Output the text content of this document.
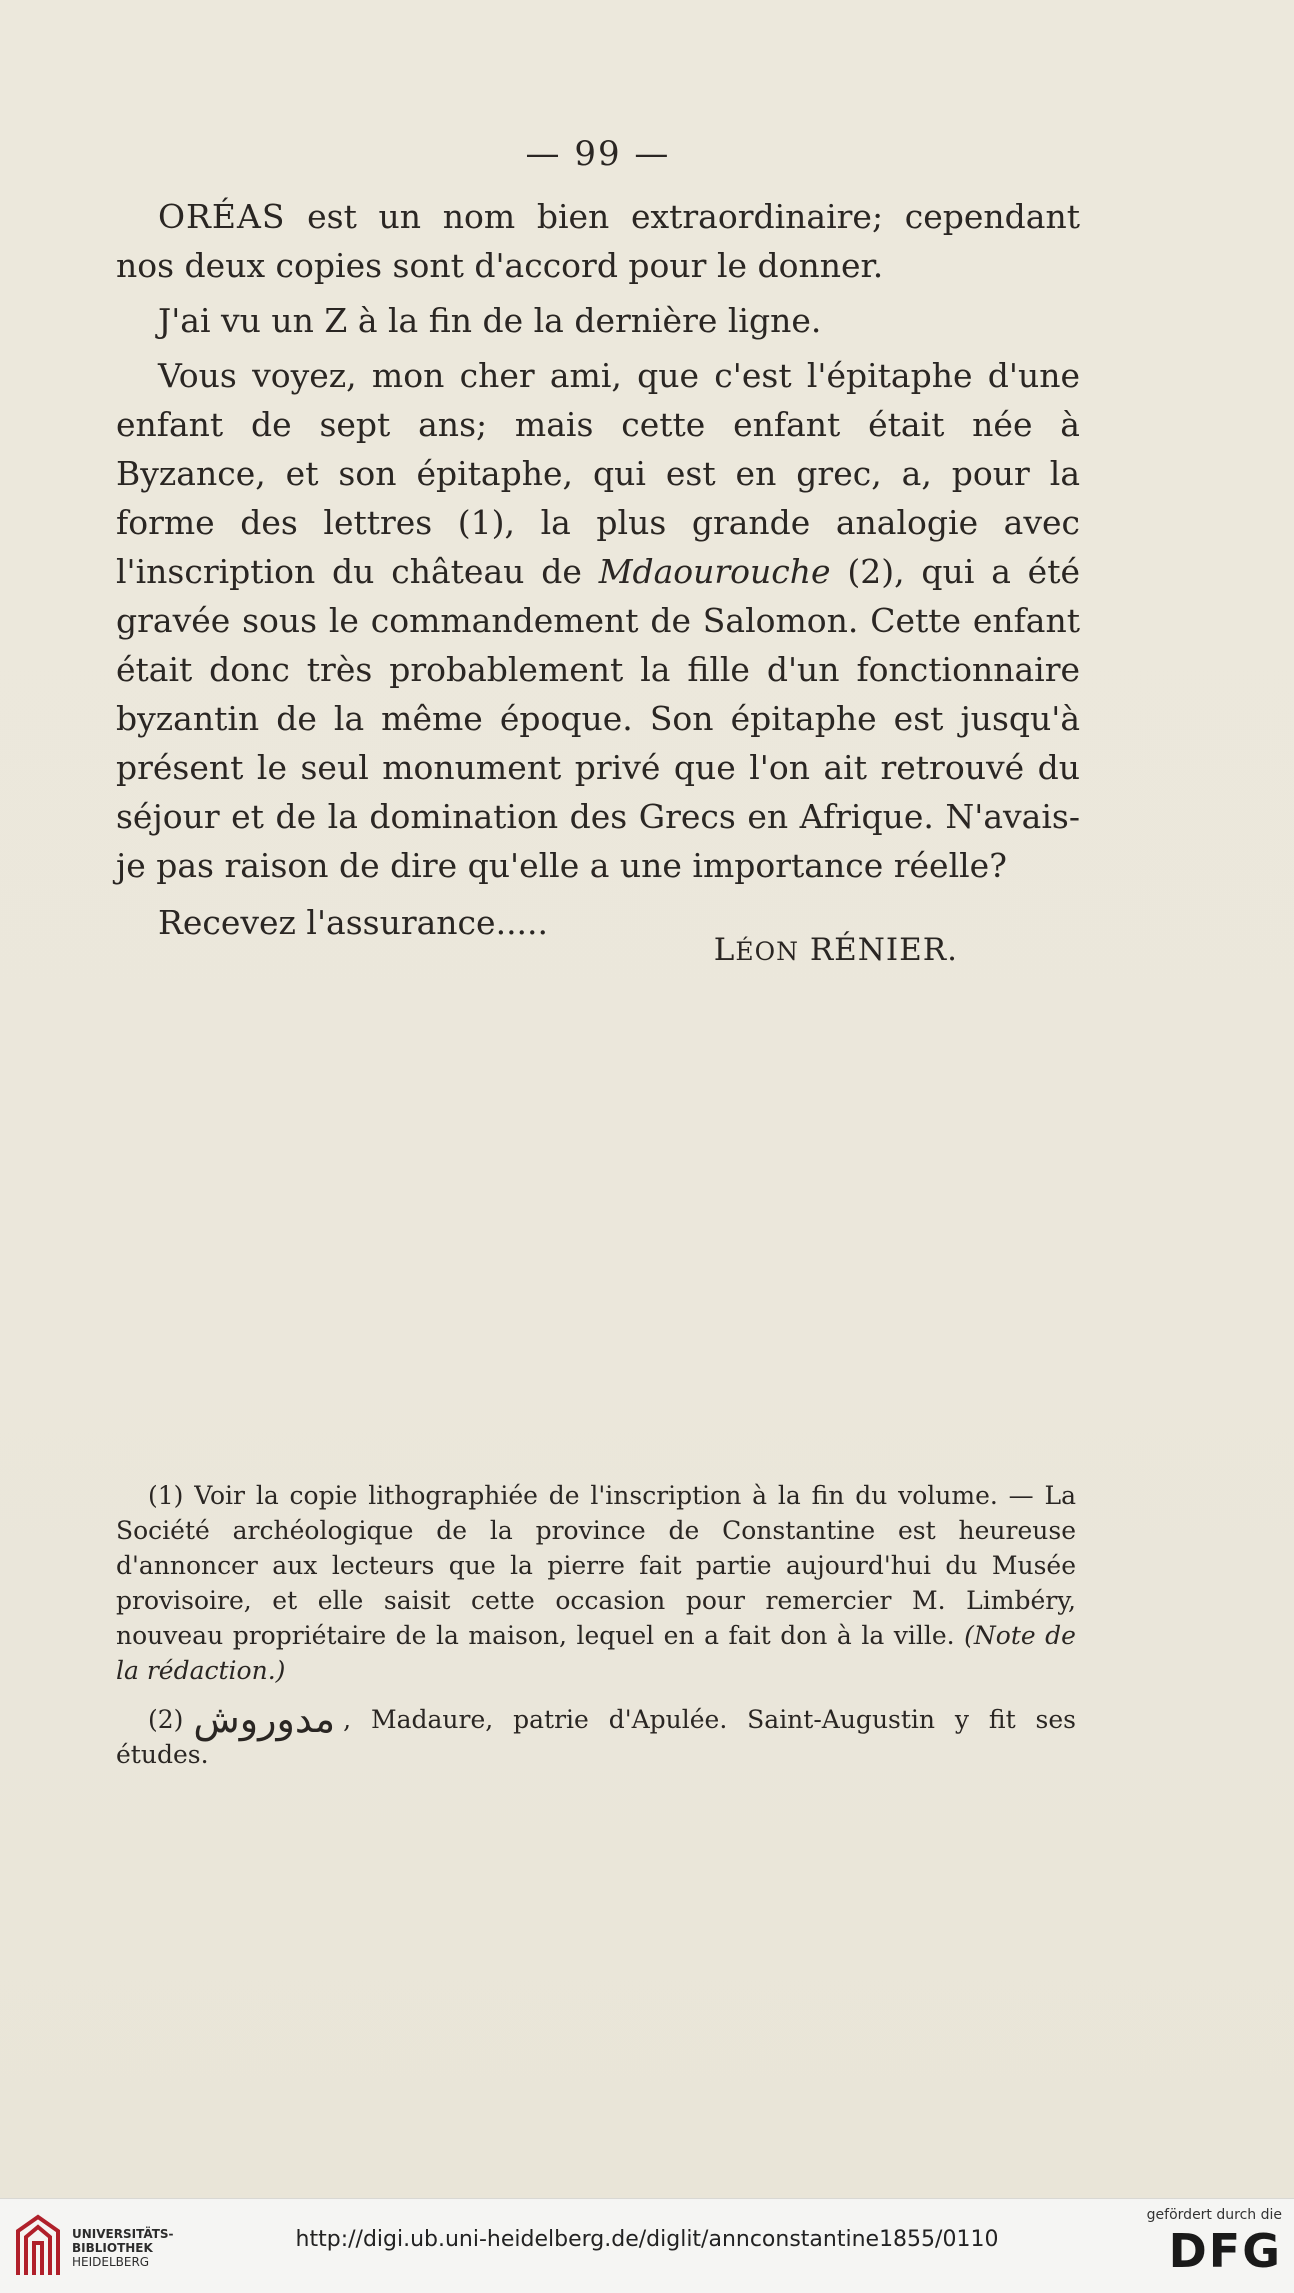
— 99 —

ORÉAS est un nom bien extraordinaire; cependant nos deux copies sont d'accord pour le donner.

J'ai vu un Z à la fin de la dernière ligne.

Vous voyez, mon cher ami, que c'est l'épitaphe d'une enfant de sept ans; mais cette enfant était née à Byzance, et son épitaphe, qui est en grec, a, pour la forme des lettres (1), la plus grande analogie avec l'inscription du château de Mdaourouche (2), qui a été gravée sous le commandement de Salomon. Cette enfant était donc très probablement la fille d'un fonctionnaire byzantin de la même époque. Son épitaphe est jusqu'à présent le seul monument privé que l'on ait retrouvé du séjour et de la domination des Grecs en Afrique. N'avais-je pas raison de dire qu'elle a une importance réelle?

Recevez l'assurance.....

LÉON RÉNIER.

(1) Voir la copie lithographiée de l'inscription à la fin du volume. — La Société archéologique de la province de Constantine est heureuse d'annoncer aux lecteurs que la pierre fait partie aujourd'hui du Musée provisoire, et elle saisit cette occasion pour remercier M. Limbéry, nouveau propriétaire de la maison, lequel en a fait don à la ville. (Note de la rédaction.)

(2) مدوروش , Madaure, patrie d'Apulée. Saint-Augustin y fit ses études.

UNIVERSITÄTS-
BIBLIOTHEK
HEIDELBERG
http://digi.ub.uni-heidelberg.de/diglit/annconstantine1855/0110
gefördert durch die
DFG
